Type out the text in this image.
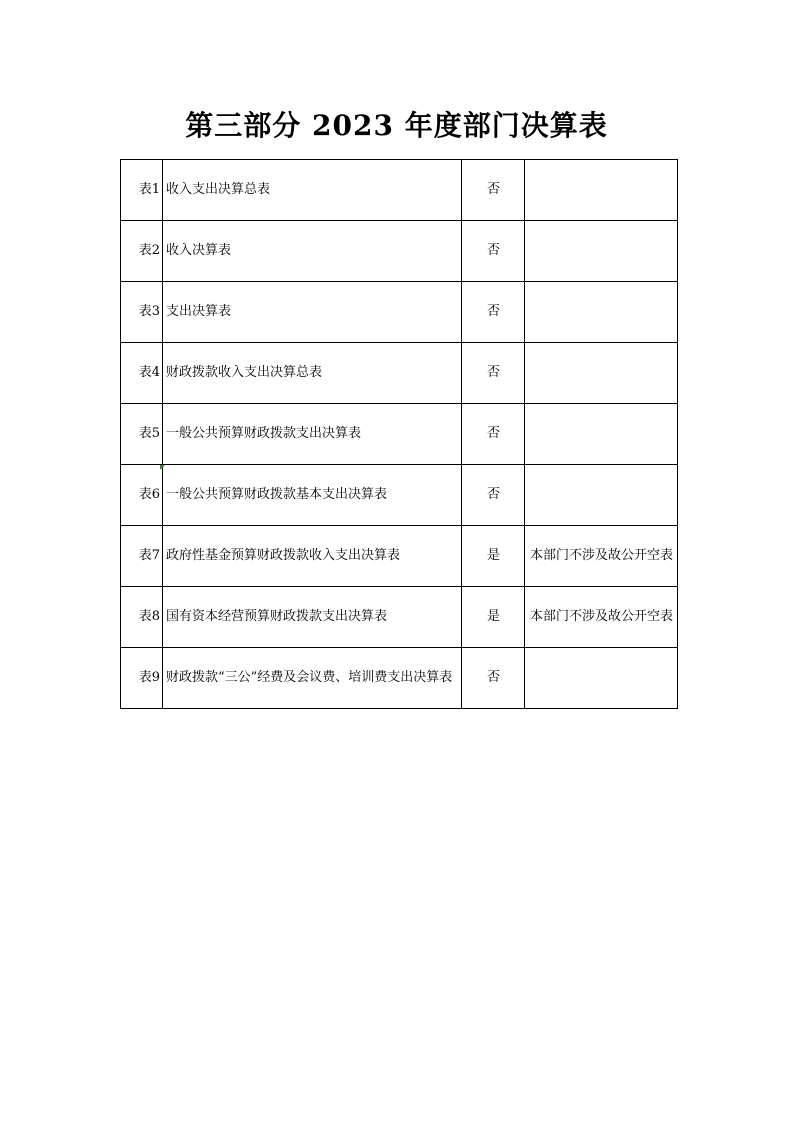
第三部分 2023 年度部门决算表
表1	收入支出决算总表	否	
表2	收入决算表	否	
表3	支出决算表	否	
表4	财政拨款收入支出决算总表	否	
表5	一般公共预算财政拨款支出决算表	否	
表6	一般公共预算财政拨款基本支出决算表	否	
表7	政府性基金预算财政拨款收入支出决算表	是	本部门不涉及故公开空表
表8	国有资本经营预算财政拨款支出决算表	是	本部门不涉及故公开空表
表9	财政拨款“三公”经费及会议费、培训费支出决算表	否	
